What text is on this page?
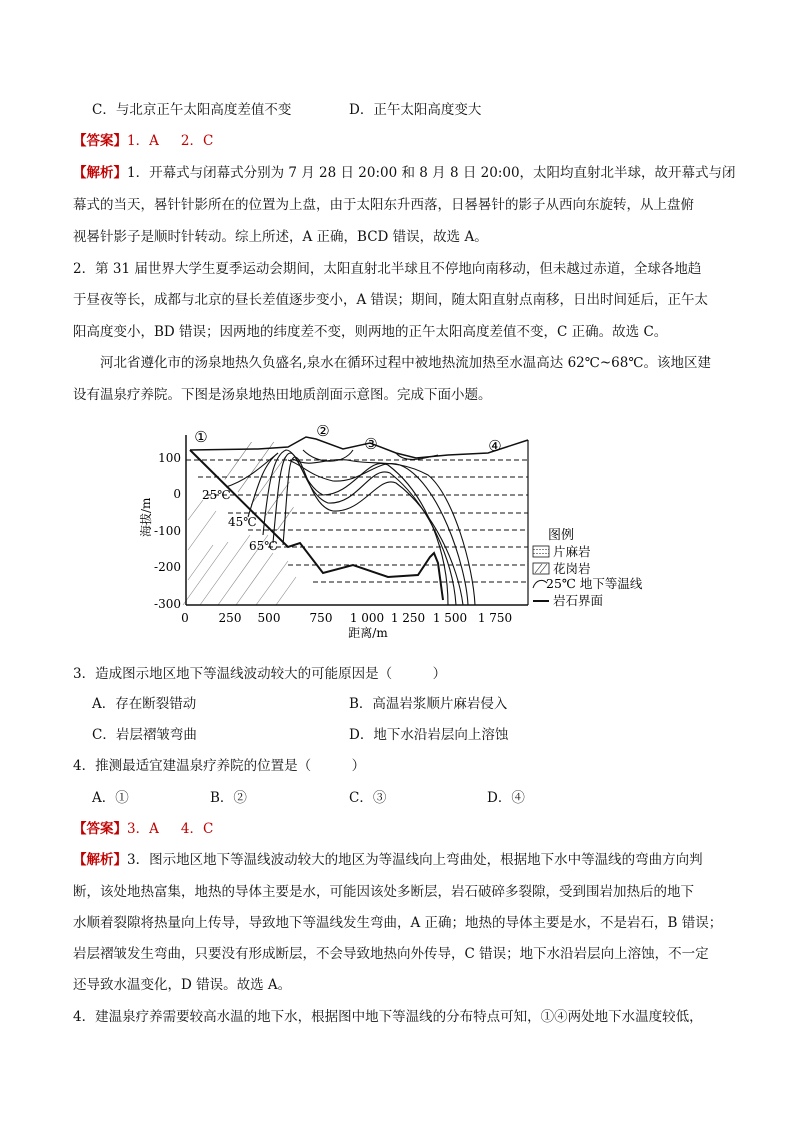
C．与北京正午太阳高度差值不变	D．正午太阳高度变大
【答案】1．A 　 2．C
【解析】1．开幕式与闭幕式分别为 7 月 28 日 20:00 和 8 月 8 日 20:00，太阳均直射北半球，故开幕式与闭
幕式的当天，晷针针影所在的位置为上盘，由于太阳东升西落，日晷晷针的影子从西向东旋转，从上盘俯
视晷针影子是顺时针转动。综上所述，A 正确，BCD 错误，故选 A。
2．第 31 届世界大学生夏季运动会期间，太阳直射北半球且不停地向南移动，但未越过赤道，全球各地趋
于昼夜等长，成都与北京的昼长差值逐步变小，A 错误；期间，随太阳直射点南移，日出时间延后，正午太
阳高度变小，BD 错误；因两地的纬度差不变，则两地的正午太阳高度差值不变，C 正确。故选 C。
河北省遵化市的汤泉地热久负盛名,泉水在循环过程中被地热流加热至水温高达 62℃~68℃。该地区建
设有温泉疗养院。下图是汤泉地热田地质剖面示意图。完成下面小题。
100
0
-100
-200
-300
0 250 500 750 1 000 1 250 1 500 1 750
海拔/m
距离/m
①	②
③	④
25℃
45℃
65℃
图例
片麻岩
花岗岩
25℃ 地下等温线
岩石界面
3．造成图示地区地下等温线波动较大的可能原因是（　　　）
A．存在断裂错动	B．高温岩浆顺片麻岩侵入
C．岩层褶皱弯曲	D．地下水沿岩层向上溶蚀
4．推测最适宜建温泉疗养院的位置是（　　　）
A．①	B．②	C．③	D．④
【答案】3．A 　 4．C
【解析】3．图示地区地下等温线波动较大的地区为等温线向上弯曲处，根据地下水中等温线的弯曲方向判
断，该处地热富集，地热的导体主要是水，可能因该处多断层，岩石破碎多裂隙，受到围岩加热后的地下
水顺着裂隙将热量向上传导，导致地下等温线发生弯曲，A 正确；地热的导体主要是水，不是岩石，B 错误；
岩层褶皱发生弯曲，只要没有形成断层，不会导致地热向外传导，C 错误；地下水沿岩层向上溶蚀，不一定
还导致水温变化，D 错误。故选 A。
4．建温泉疗养需要较高水温的地下水，根据图中地下等温线的分布特点可知，①④两处地下水温度较低，
